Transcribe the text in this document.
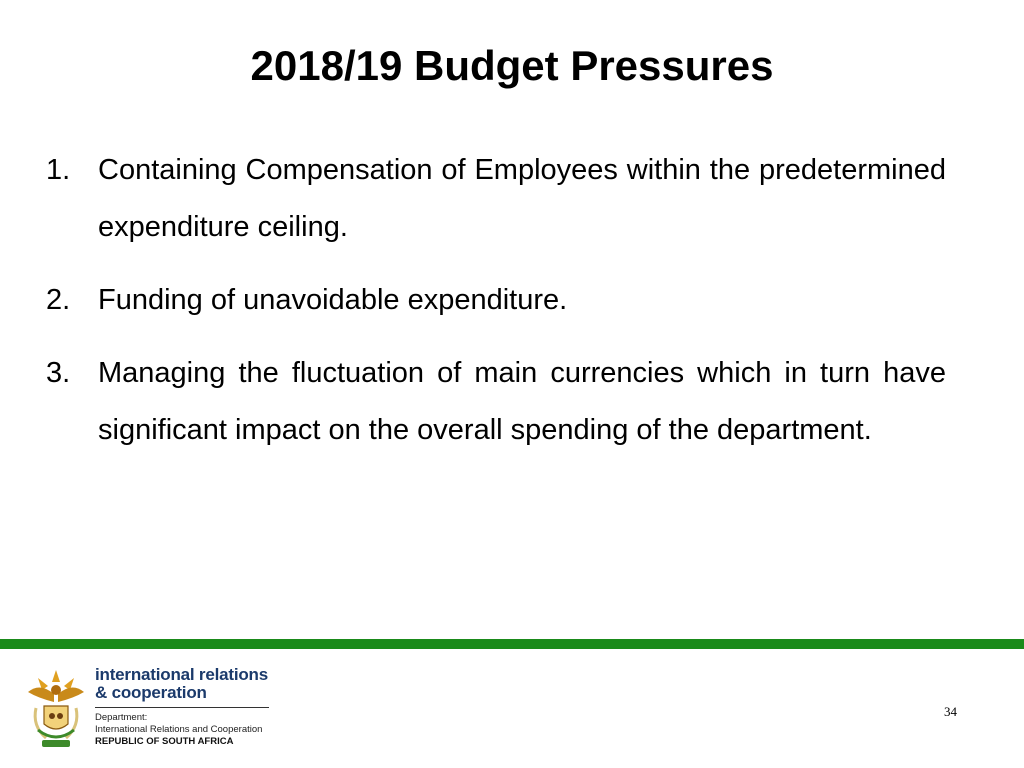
2018/19 Budget Pressures
1. Containing Compensation of Employees within the predetermined expenditure ceiling.
2. Funding of unavoidable expenditure.
3. Managing the fluctuation of main currencies which in turn have significant impact on the overall spending of the department.
international relations
& cooperation
Department:
International Relations and Cooperation
REPUBLIC OF SOUTH AFRICA
34
